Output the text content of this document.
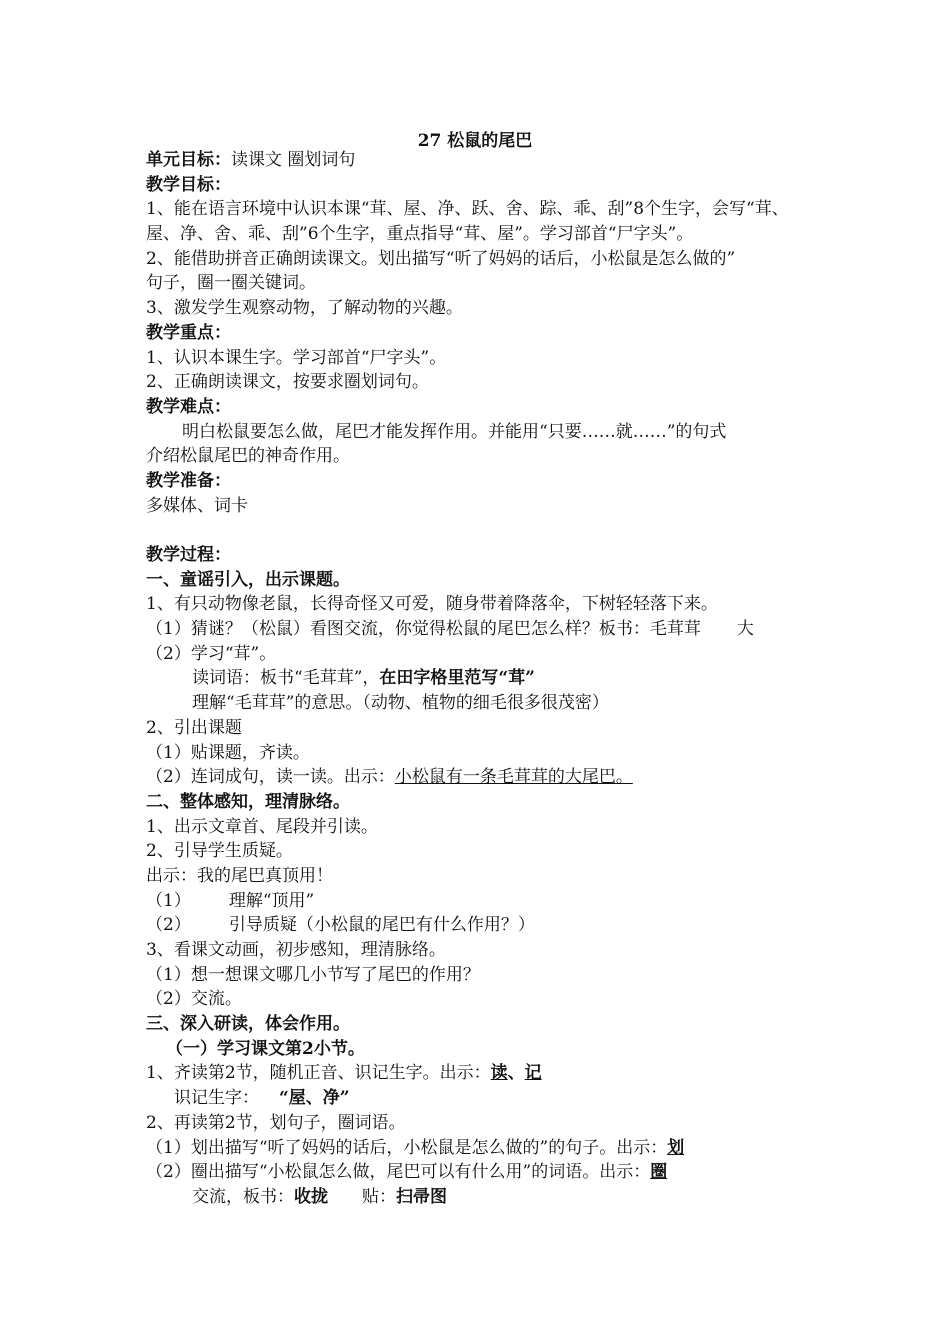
27 松鼠的尾巴
单元目标：读课文 圈划词句
教学目标：
1、能在语言环境中认识本课“茸、屋、净、跃、舍、踪、乖、刮”8个生字，会写“茸、
屋、净、舍、乖、刮”6个生字，重点指导“茸、屋”。学习部首“尸字头”。
2、能借助拼音正确朗读课文。划出描写“听了妈妈的话后，小松鼠是怎么做的”
句子，圈一圈关键词。
3、激发学生观察动物，了解动物的兴趣。
教学重点：
1、认识本课生字。学习部首“尸字头”。
2、正确朗读课文，按要求圈划词句。
教学难点：
明白松鼠要怎么做，尾巴才能发挥作用。并能用“只要……就……”的句式
介绍松鼠尾巴的神奇作用。
教学准备：
多媒体、词卡
教学过程：
一、童谣引入，出示课题。
1、有只动物像老鼠，长得奇怪又可爱，随身带着降落伞，下树轻轻落下来。
（1）猜谜？（松鼠）看图交流，你觉得松鼠的尾巴怎么样？板书：毛茸茸 大
（2）学习“茸”。
读词语：板书“毛茸茸”，在田字格里范写“茸”
理解“毛茸茸”的意思。（动物、植物的细毛很多很茂密）
2、引出课题
（1）贴课题，齐读。
（2）连词成句，读一读。出示：小松鼠有一条毛茸茸的大尾巴。
二、整体感知，理清脉络。
1、出示文章首、尾段并引读。
2、引导学生质疑。
出示：我的尾巴真顶用！
（1） 理解“顶用”
（2） 引导质疑（小松鼠的尾巴有什么作用？）
3、看课文动画，初步感知，理清脉络。
（1）想一想课文哪几小节写了尾巴的作用？
（2）交流。
三、深入研读，体会作用。
（一）学习课文第2小节。
1、齐读第2节，随机正音、识记生字。出示：读、记
识记生字： “屋、净”
2、再读第2节，划句子，圈词语。
（1）划出描写“听了妈妈的话后，小松鼠是怎么做的”的句子。出示：划
（2）圈出描写“小松鼠怎么做，尾巴可以有什么用”的词语。出示：圈
交流，板书：收拢 贴：扫帚图
